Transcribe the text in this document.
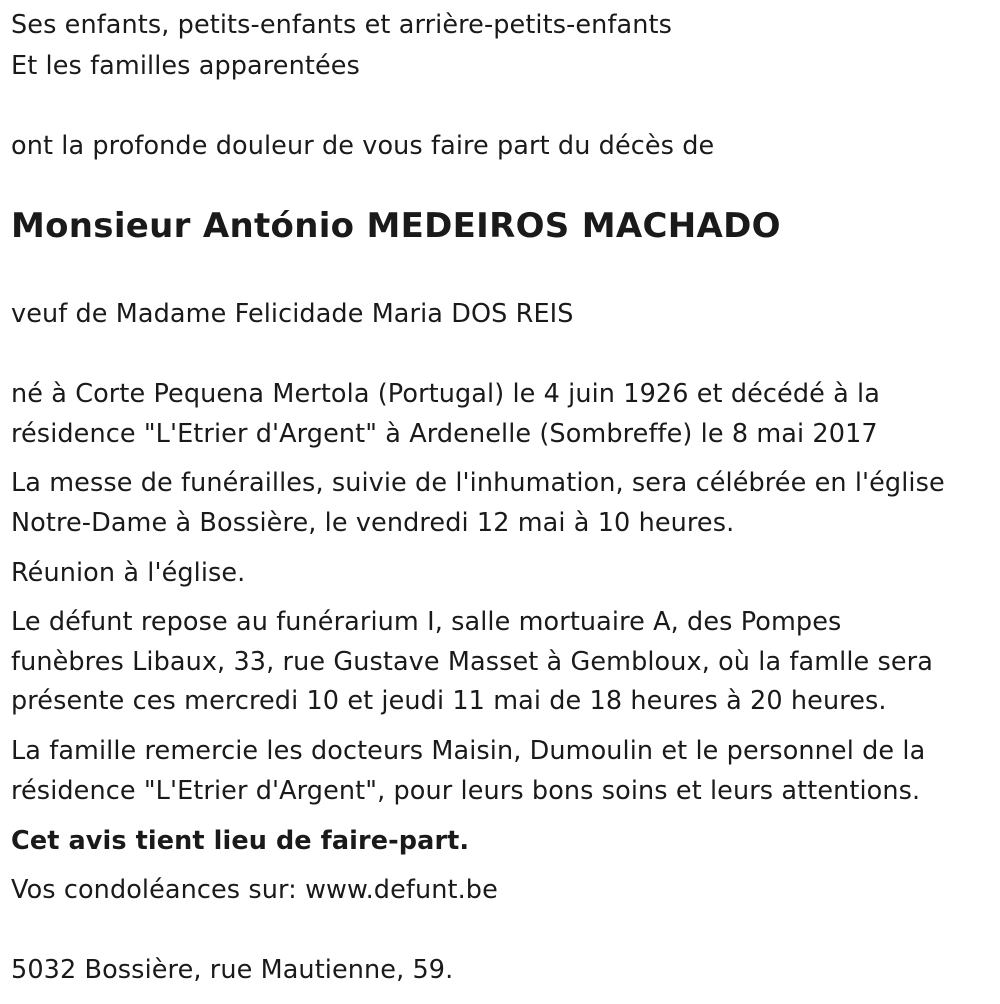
Ses enfants, petits-enfants et arrière-petits-enfants

Et les familles apparentées

ont la profonde douleur de vous faire part du décès de

Monsieur António MEDEIROS MACHADO

veuf de Madame Felicidade Maria DOS REIS

né à Corte Pequena Mertola (Portugal) le 4 juin 1926 et décédé à la

résidence "L'Etrier d'Argent" à Ardenelle (Sombreffe) le 8 mai 2017

La messe de funérailles, suivie de l'inhumation, sera célébrée en l'église

Notre-Dame à Bossière, le vendredi 12 mai à 10 heures.

Réunion à l'église.

Le défunt repose au funérarium I, salle mortuaire A, des Pompes

funèbres Libaux, 33, rue Gustave Masset à Gembloux, où la famlle sera

présente ces mercredi 10 et jeudi 11 mai de 18 heures à 20 heures.

La famille remercie les docteurs Maisin, Dumoulin et le personnel de la

résidence "L'Etrier d'Argent", pour leurs bons soins et leurs attentions.

Cet avis tient lieu de faire-part.

Vos condoléances sur: www.defunt.be

5032 Bossière, rue Mautienne, 59.
